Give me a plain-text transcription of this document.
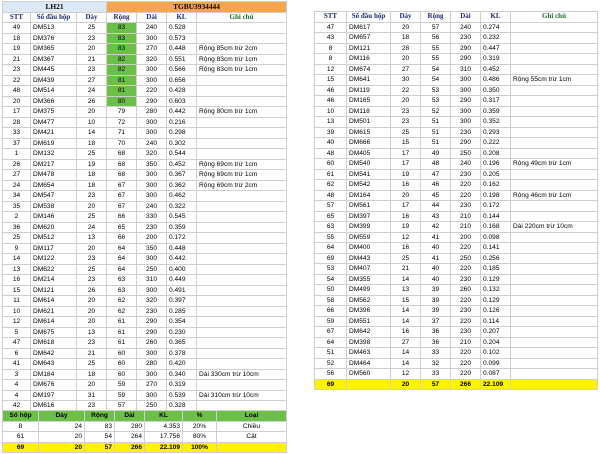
LH21			TGBU3934444			
STT	Số đầu hộp	Dày	Rộng	Dài	KL	Ghi chú
49	DM513	25	83	240	0.528	
18	DM376	23	83	300	0.573	
19	DM365	20	83	270	0.448	Rộng 85cm trừ 2cm
21	DM367	21	82	320	0.551	Rộng 83cm trừ 1cm
23	DM445	23	82	300	0.566	Rộng 83cm trừ 1cm
22	DM439	27	81	300	0.656	
48	DM514	24	81	220	0.428	
20	DM366	26	80	290	0.603	
17	DM375	20	79	280	0.442	Rộng 80cm trừ 1cm
28	DM477	10	72	300	0.216	
33	DM421	14	71	300	0.298	
37	DM619	18	70	240	0.302	
1	DM132	25	68	320	0.544	
26	DM217	19	68	350	0.452	Rộng 69cm trừ 1cm
27	DM478	18	68	300	0.367	Rộng 69cm trừ 1cm
24	DM654	18	67	300	0.362	Rộng 69cm trừ 2cm
34	DM547	23	67	300	0.462	
35	DM538	20	67	240	0.322	
2	DM146	25	66	330	0.545	
36	DM620	24	65	230	0.359	
25	DM512	13	66	200	0.172	
9	DM117	20	64	350	0.448	
14	DM122	23	64	300	0.442	
13	DM622	25	64	250	0.400	
16	DM214	23	63	310	0.449	
15	DM121	26	63	300	0.491	
11	DM614	20	62	320	0.397	
10	DM621	20	62	230	0.285	
12	DM614	20	61	290	0.354	
5	DM675	13	61	290	0.230	
47	DM618	23	61	260	0.365	
6	DM642	21	60	300	0.378	
41	DM643	25	60	280	0.420	
3	DM184	18	60	300	0.340	Dài 330cm trừ 10cm
4	DM676	20	59	270	0.319	
4	DM197	31	59	300	0.539	Dài 310cm trừ 10cm
42	DM616	23	57	250	0.328	
STT	Số đầu hộp	Dày	Rộng	Dài	KL	Ghi chú
47	DM617	20	57	240	0.274	
43	DM657	18	56	230	0.232	
8	DM121	28	55	290	0.447	
8	DM116	20	55	290	0.319	
12	DM674	27	54	310	0.452	
15	DM641	30	54	300	0.486	Rộng 55cm trừ 1cm
46	DM119	22	53	300	0.350	
46	DM165	20	53	290	0.317	
10	DM118	23	52	300	0.359	
13	DM501	23	51	300	0.352	
39	DM615	25	51	230	0.293	
40	DM666	15	51	290	0.222	
48	DM405	17	49	250	0.208	
60	DM540	17	48	240	0.196	Rộng 49cm trừ 1cm
61	DM541	19	47	230	0.205	
62	DM542	16	46	220	0.162	
48	DM164	20	45	220	0.198	Rộng 46cm trừ 1cm
57	DM561	17	44	230	0.172	
65	DM397	16	43	210	0.144	
63	DM399	19	42	210	0.168	Dài 220cm trừ 10cm
55	DM559	12	41	200	0.098	
64	DM400	16	40	220	0.141	
69	DM443	25	41	250	0.256	
53	DM407	21	40	220	0.185	
54	DM355	14	40	230	0.129	
50	DM499	13	39	260	0.132	
58	DM562	15	39	220	0.129	
66	DM396	14	39	230	0.126	
59	DM551	14	37	220	0.114	
67	DM642	16	36	230	0.207	
64	DM398	27	36	210	0.204	
51	DM463	14	33	220	0.102	
52	DM464	14	32	220	0.099	
56	DM560	12	33	220	0.087	
69		20	57	266	22.109	
Số hộp	Dày	Rộng	Dài	KL	%	Loại
8	24	83	280	4.353	20%	Chiều
61	20	54	264	17.756	80%	Cật
69	20	57	266	22.109	100%	
